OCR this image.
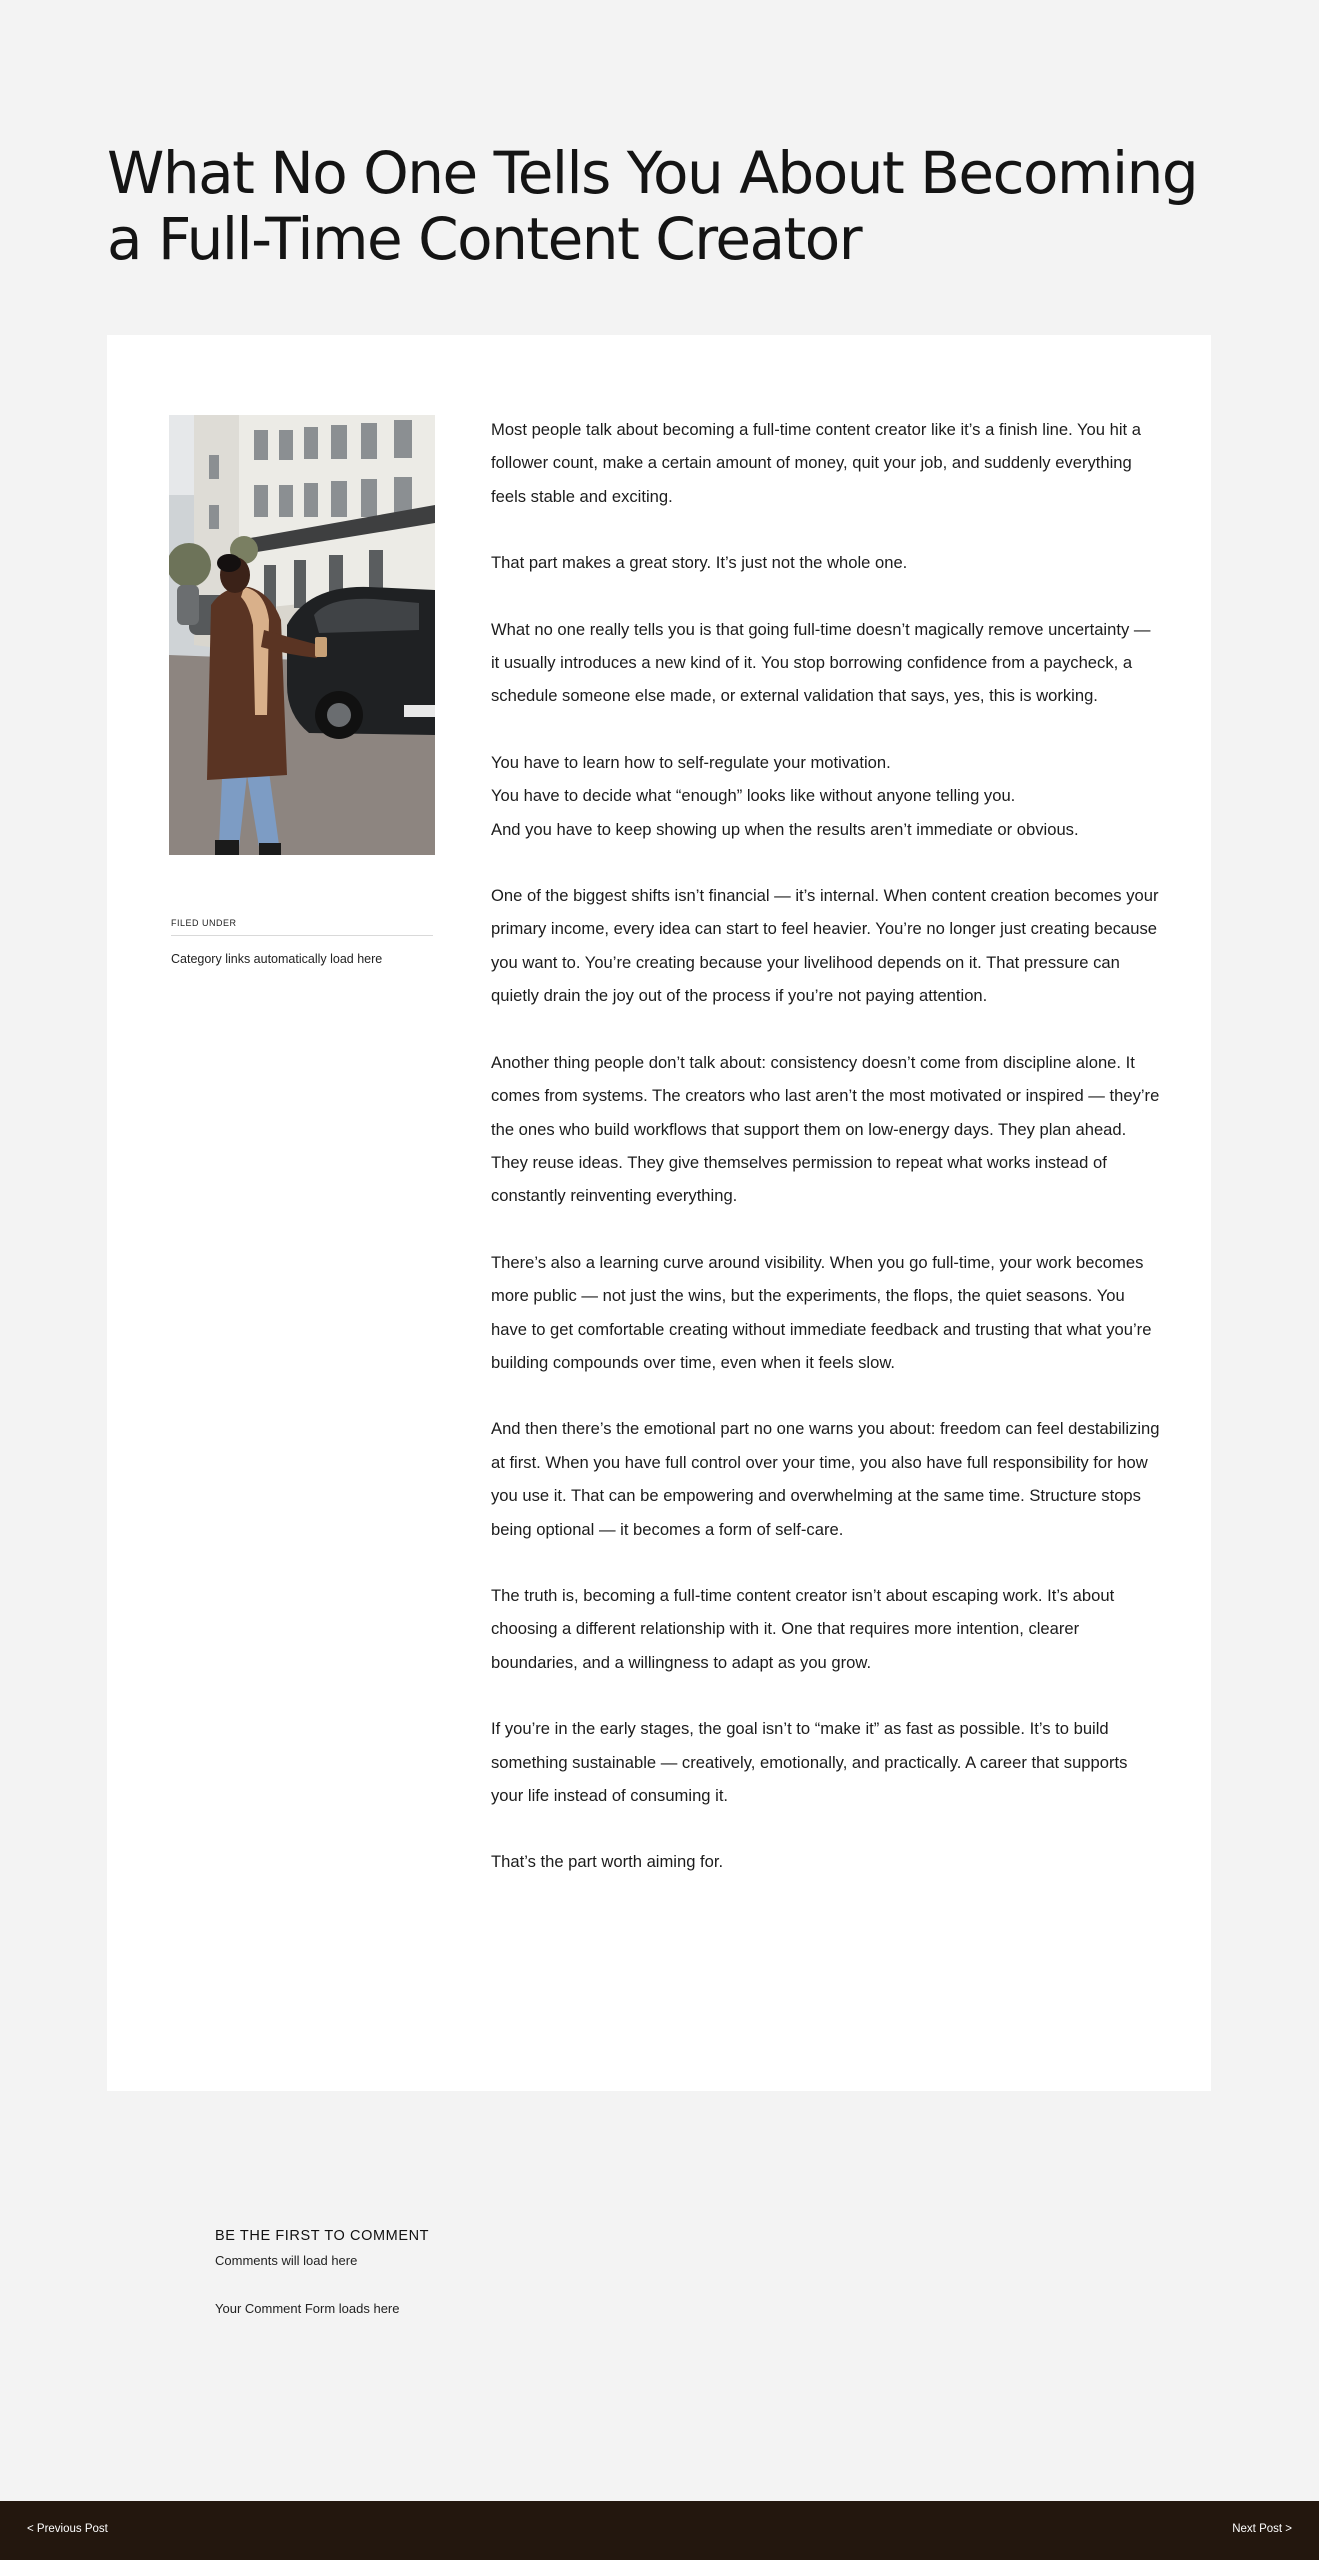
What No One Tells You About Becoming a Full-Time Content Creator
FILED UNDER
Category links automatically load here

Most people talk about becoming a full-time content creator like it’s a finish line. You hit a follower count, make a certain amount of money, quit your job, and suddenly everything feels stable and exciting.

That part makes a great story. It’s just not the whole one.

What no one really tells you is that going full-time doesn’t magically remove uncertainty — it usually introduces a new kind of it. You stop borrowing confidence from a paycheck, a schedule someone else made, or external validation that says, yes, this is working.

You have to learn how to self-regulate your motivation.
You have to decide what “enough” looks like without anyone telling you.
And you have to keep showing up when the results aren’t immediate or obvious.

One of the biggest shifts isn’t financial — it’s internal. When content creation becomes your primary income, every idea can start to feel heavier. You’re no longer just creating because you want to. You’re creating because your livelihood depends on it. That pressure can quietly drain the joy out of the process if you’re not paying attention.

Another thing people don’t talk about: consistency doesn’t come from discipline alone. It comes from systems. The creators who last aren’t the most motivated or inspired — they’re the ones who build workflows that support them on low-energy days. They plan ahead. They reuse ideas. They give themselves permission to repeat what works instead of constantly reinventing everything.

There’s also a learning curve around visibility. When you go full-time, your work becomes more public — not just the wins, but the experiments, the flops, the quiet seasons. You have to get comfortable creating without immediate feedback and trusting that what you’re building compounds over time, even when it feels slow.

And then there’s the emotional part no one warns you about: freedom can feel destabilizing at first. When you have full control over your time, you also have full responsibility for how you use it. That can be empowering and overwhelming at the same time. Structure stops being optional — it becomes a form of self-care.

The truth is, becoming a full-time content creator isn’t about escaping work. It’s about choosing a different relationship with it. One that requires more intention, clearer boundaries, and a willingness to adapt as you grow.

If you’re in the early stages, the goal isn’t to “make it” as fast as possible. It’s to build something sustainable — creatively, emotionally, and practically. A career that supports your life instead of consuming it.

That’s the part worth aiming for.

BE THE FIRST TO COMMENT
Comments will load here
Your Comment Form loads here
< Previous Post	Next Post >
